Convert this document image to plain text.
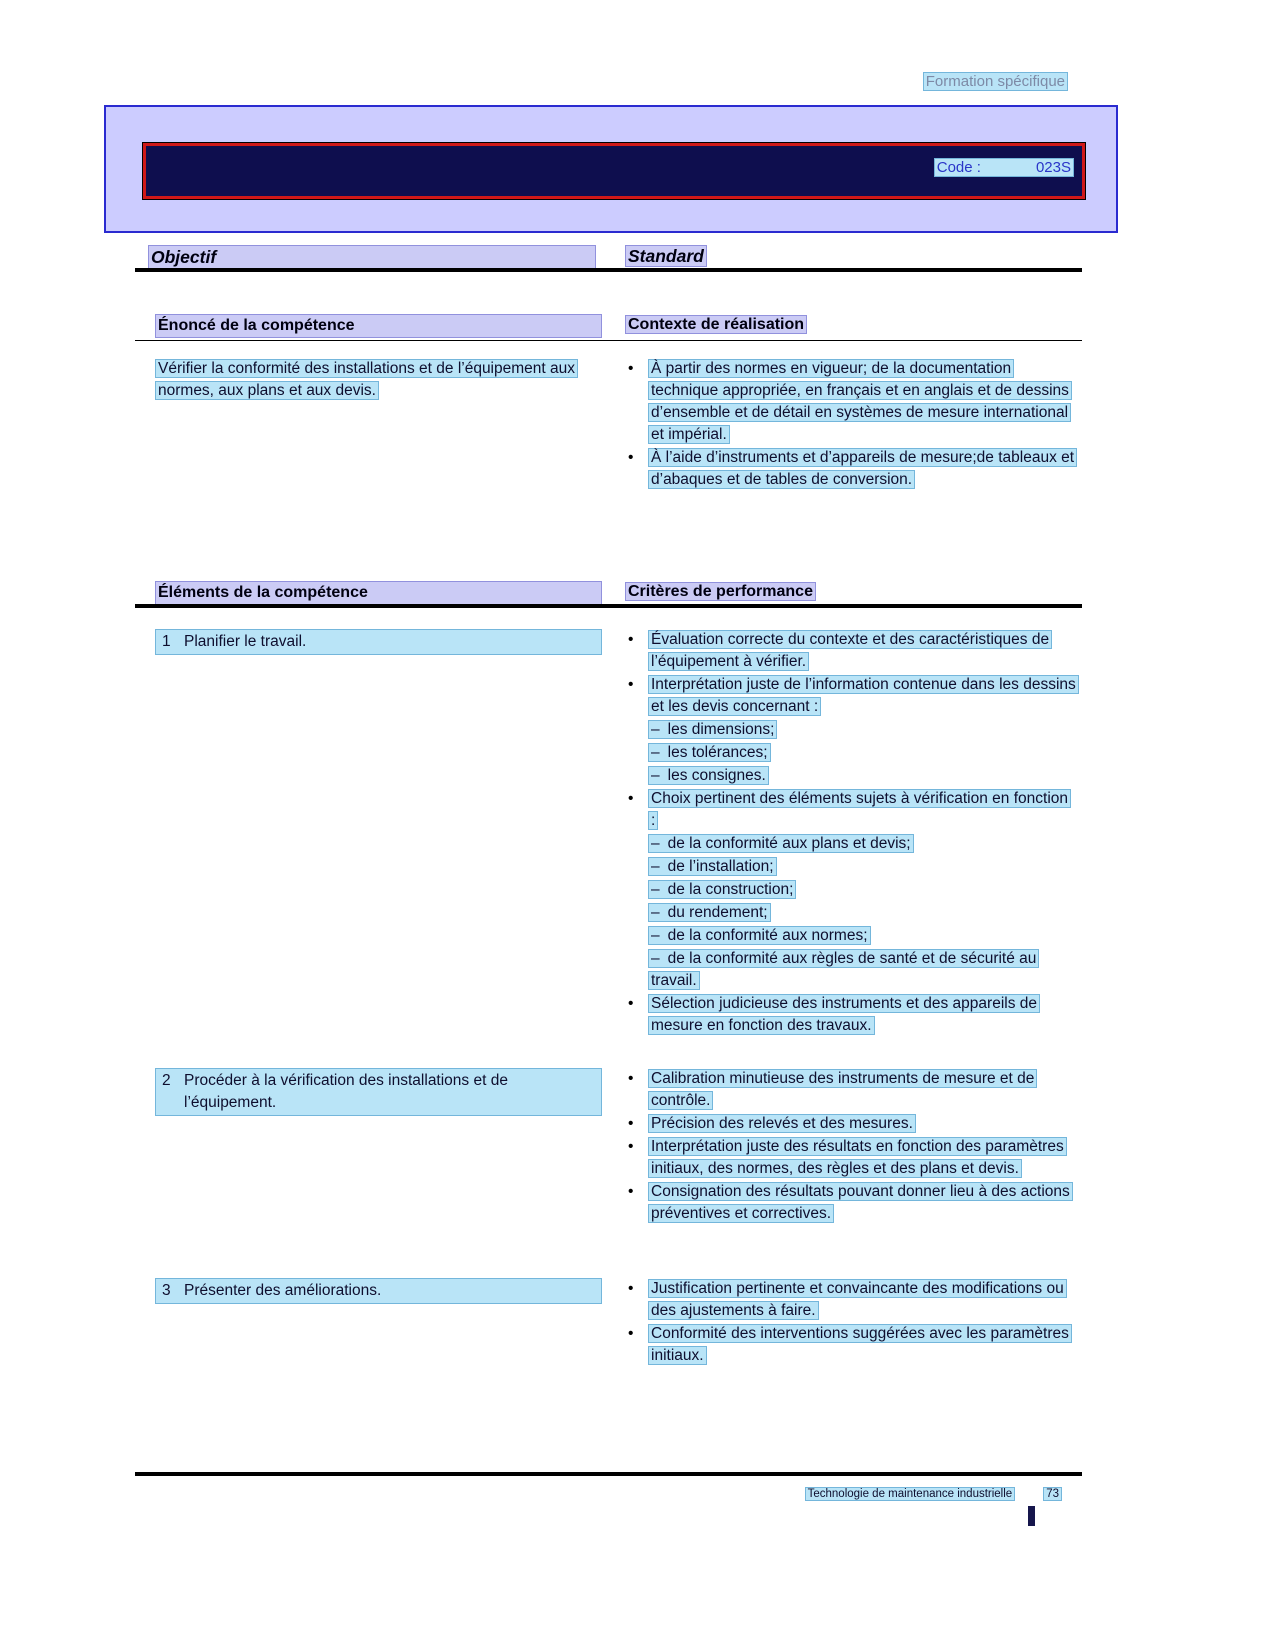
Formation spécifique
Code :	023S
Objectif	Standard
Énoncé de la compétence	Contexte de réalisation
Vérifier la conformité des installations et de l’équipement aux normes, aux plans et aux devis.
• À partir des normes en vigueur; de la documentation technique appropriée, en français et en anglais et de dessins d’ensemble et de détail en systèmes de mesure international et impérial.
• À l’aide d’instruments et d’appareils de mesure;de tableaux et d’abaques et de tables de conversion.
Éléments de la compétence	Critères de performance
1 Planifier le travail.	• Évaluation correcte du contexte et des caractéristiques de l’équipement à vérifier.
• Interprétation juste de l’information contenue dans les dessins et les devis concernant :
– les dimensions;
– les tolérances;
– les consignes.
• Choix pertinent des éléments sujets à vérification en fonction :
– de la conformité aux plans et devis;
– de l’installation;
– de la construction;
– du rendement;
– de la conformité aux normes;
– de la conformité aux règles de santé et de sécurité au travail.
• Sélection judicieuse des instruments et des appareils de mesure en fonction des travaux.
2 Procéder à la vérification des installations et de l’équipement.
• Calibration minutieuse des instruments de mesure et de contrôle.
• Précision des relevés et des mesures.
• Interprétation juste des résultats en fonction des paramètres initiaux, des normes, des règles et des plans et devis.
• Consignation des résultats pouvant donner lieu à des actions préventives et correctives.
3 Présenter des améliorations.	• Justification pertinente et convaincante des modifications ou des ajustements à faire.
• Conformité des interventions suggérées avec les paramètres initiaux.
Technologie de maintenance industrielle	73
